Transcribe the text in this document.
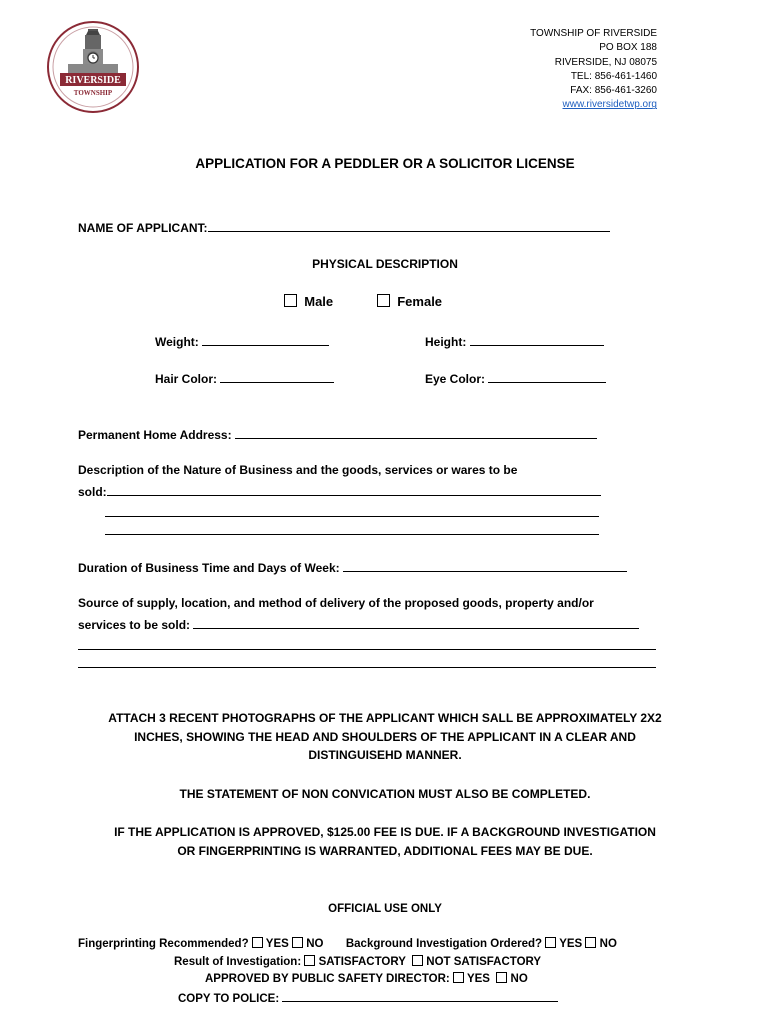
RIVERSIDE
TOWNSHIP
TOWNSHIP OF RIVERSIDE
PO BOX 188
RIVERSIDE, NJ 08075
TEL: 856-461-1460
FAX: 856-461-3260
www.riversidetwp.org
APPLICATION FOR A PEDDLER OR A SOLICITOR LICENSE
NAME OF APPLICANT:
PHYSICAL DESCRIPTION
Male	Female
Weight:	Height:
Hair Color:	Eye Color:
Permanent Home Address:
Description of the Nature of Business and the goods, services or wares to be
sold:
Duration of Business Time and Days of Week:
Source of supply, location, and method of delivery of the proposed goods, property and/or
services to be sold:
ATTACH 3 RECENT PHOTOGRAPHS OF THE APPLICANT WHICH SALL BE APPROXIMATELY 2X2
INCHES, SHOWING THE HEAD AND SHOULDERS OF THE APPLICANT IN A CLEAR AND
DISTINGUISEHD MANNER.
THE STATEMENT OF NON CONVICATION MUST ALSO BE COMPLETED.
IF THE APPLICATION IS APPROVED, $125.00 FEE IS DUE. IF A BACKGROUND INVESTIGATION
OR FINGERPRINTING IS WARRANTED, ADDITIONAL FEES MAY BE DUE.
OFFICIAL USE ONLY
Fingerprinting Recommended? YES NO Background Investigation Ordered? YES NO
Result of Investigation: SATISFACTORY NOT SATISFACTORY
APPROVED BY PUBLIC SAFETY DIRECTOR: YES NO
COPY TO POLICE:
